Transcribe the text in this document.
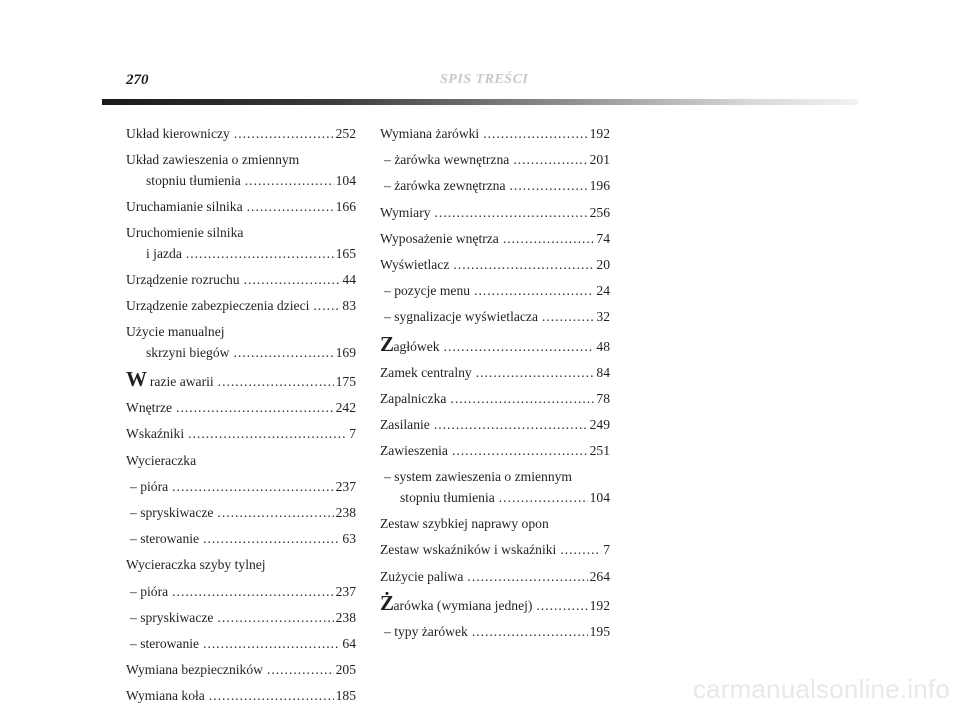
270	SPIS TREŚCI
Układ kierowniczy .....	252
Układ zawieszenia o zmiennym
stopniu tłumienia .....	104
Uruchamianie silnika .....	166
Uruchomienie silnika
i jazda .....	165
Urządzenie rozruchu .....	44
Urządzenie zabezpieczenia dzieci ..... 83
Użycie manualnej
skrzyni biegów .....	169
W razie awarii .....	175
Wnętrze .....	242
Wskaźniki .....	7
Wycieraczka
– pióra .....	237
– spryskiwacze .....	238
– sterowanie .....	63
Wycieraczka szyby tylnej
– pióra .....	237
– spryskiwacze .....	238
– sterowanie .....	64
Wymiana bezpieczników .....	205
Wymiana koła .....	185
Wymiana żarówki .....	192
– żarówka wewnętrzna .....	201
– żarówka zewnętrzna .....	196
Wymiary .....	256
Wyposażenie wnętrza .....	74
Wyświetlacz .....	20
– pozycje menu .....	24
– sygnalizacje wyświetlacza .....	32
Zagłówek .....	48
Zamek centralny .....	84
Zapalniczka .....	78
Zasilanie .....	249
Zawieszenia .....	251
– system zawieszenia o zmiennym
stopniu tłumienia .....	104
Zestaw szybkiej naprawy opon
Zestaw wskaźników i wskaźniki .....	7
Zużycie paliwa .....	264
Żarówka (wymiana jednej) .....	192
– typy żarówek .....	195
carmanualsonline.info
